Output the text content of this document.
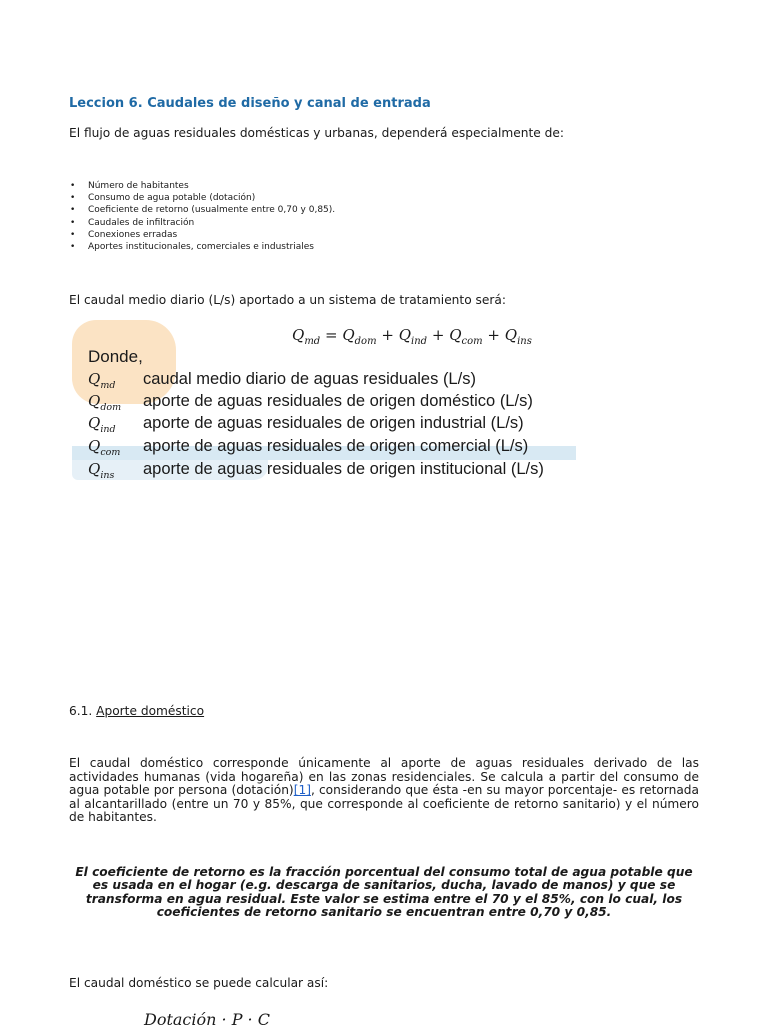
Leccion 6. Caudales de diseño y canal de entrada
El flujo de aguas residuales domésticas y urbanas, dependerá especialmente de:
• Número de habitantes
• Consumo de agua potable (dotación)
• Coeficiente de retorno (usualmente entre 0,70 y 0,85).
• Caudales de infiltración
• Conexiones erradas
• Aportes institucionales, comerciales e industriales
El caudal medio diario (L/s) aportado a un sistema de tratamiento será:
$Q_{md} = Q_{dom} + Q_{ind} + Q_{com} + Q_{ins}$
Donde,
$Q_{md}$ caudal medio diario de aguas residuales (L/s)
$Q_{dom}$ aporte de aguas residuales de origen doméstico (L/s)
$Q_{ind}$ aporte de aguas residuales de origen industrial (L/s)
$Q_{com}$ aporte de aguas residuales de origen comercial (L/s)
$Q_{ins}$ aporte de aguas residuales de origen institucional (L/s)
6.1. Aporte doméstico
El caudal doméstico corresponde únicamente al aporte de aguas residuales derivado de las actividades humanas (vida hogareña) en las zonas residenciales. Se calcula a partir del consumo de agua potable por persona (dotación)[1], considerando que ésta -en su mayor porcentaje- es retornada al alcantarillado (entre un 70 y 85%, que corresponde al coeficiente de retorno sanitario) y el número de habitantes.
El coeficiente de retorno es la fracción porcentual del consumo total de agua potable que es usada en el hogar (e.g. descarga de sanitarios, ducha, lavado de manos) y que se transforma en agua residual. Este valor se estima entre el 70 y el 85%, con lo cual, los coeficientes de retorno sanitario se encuentran entre 0,70 y 0,85.
El caudal doméstico se puede calcular así:
Dotación · P · C
